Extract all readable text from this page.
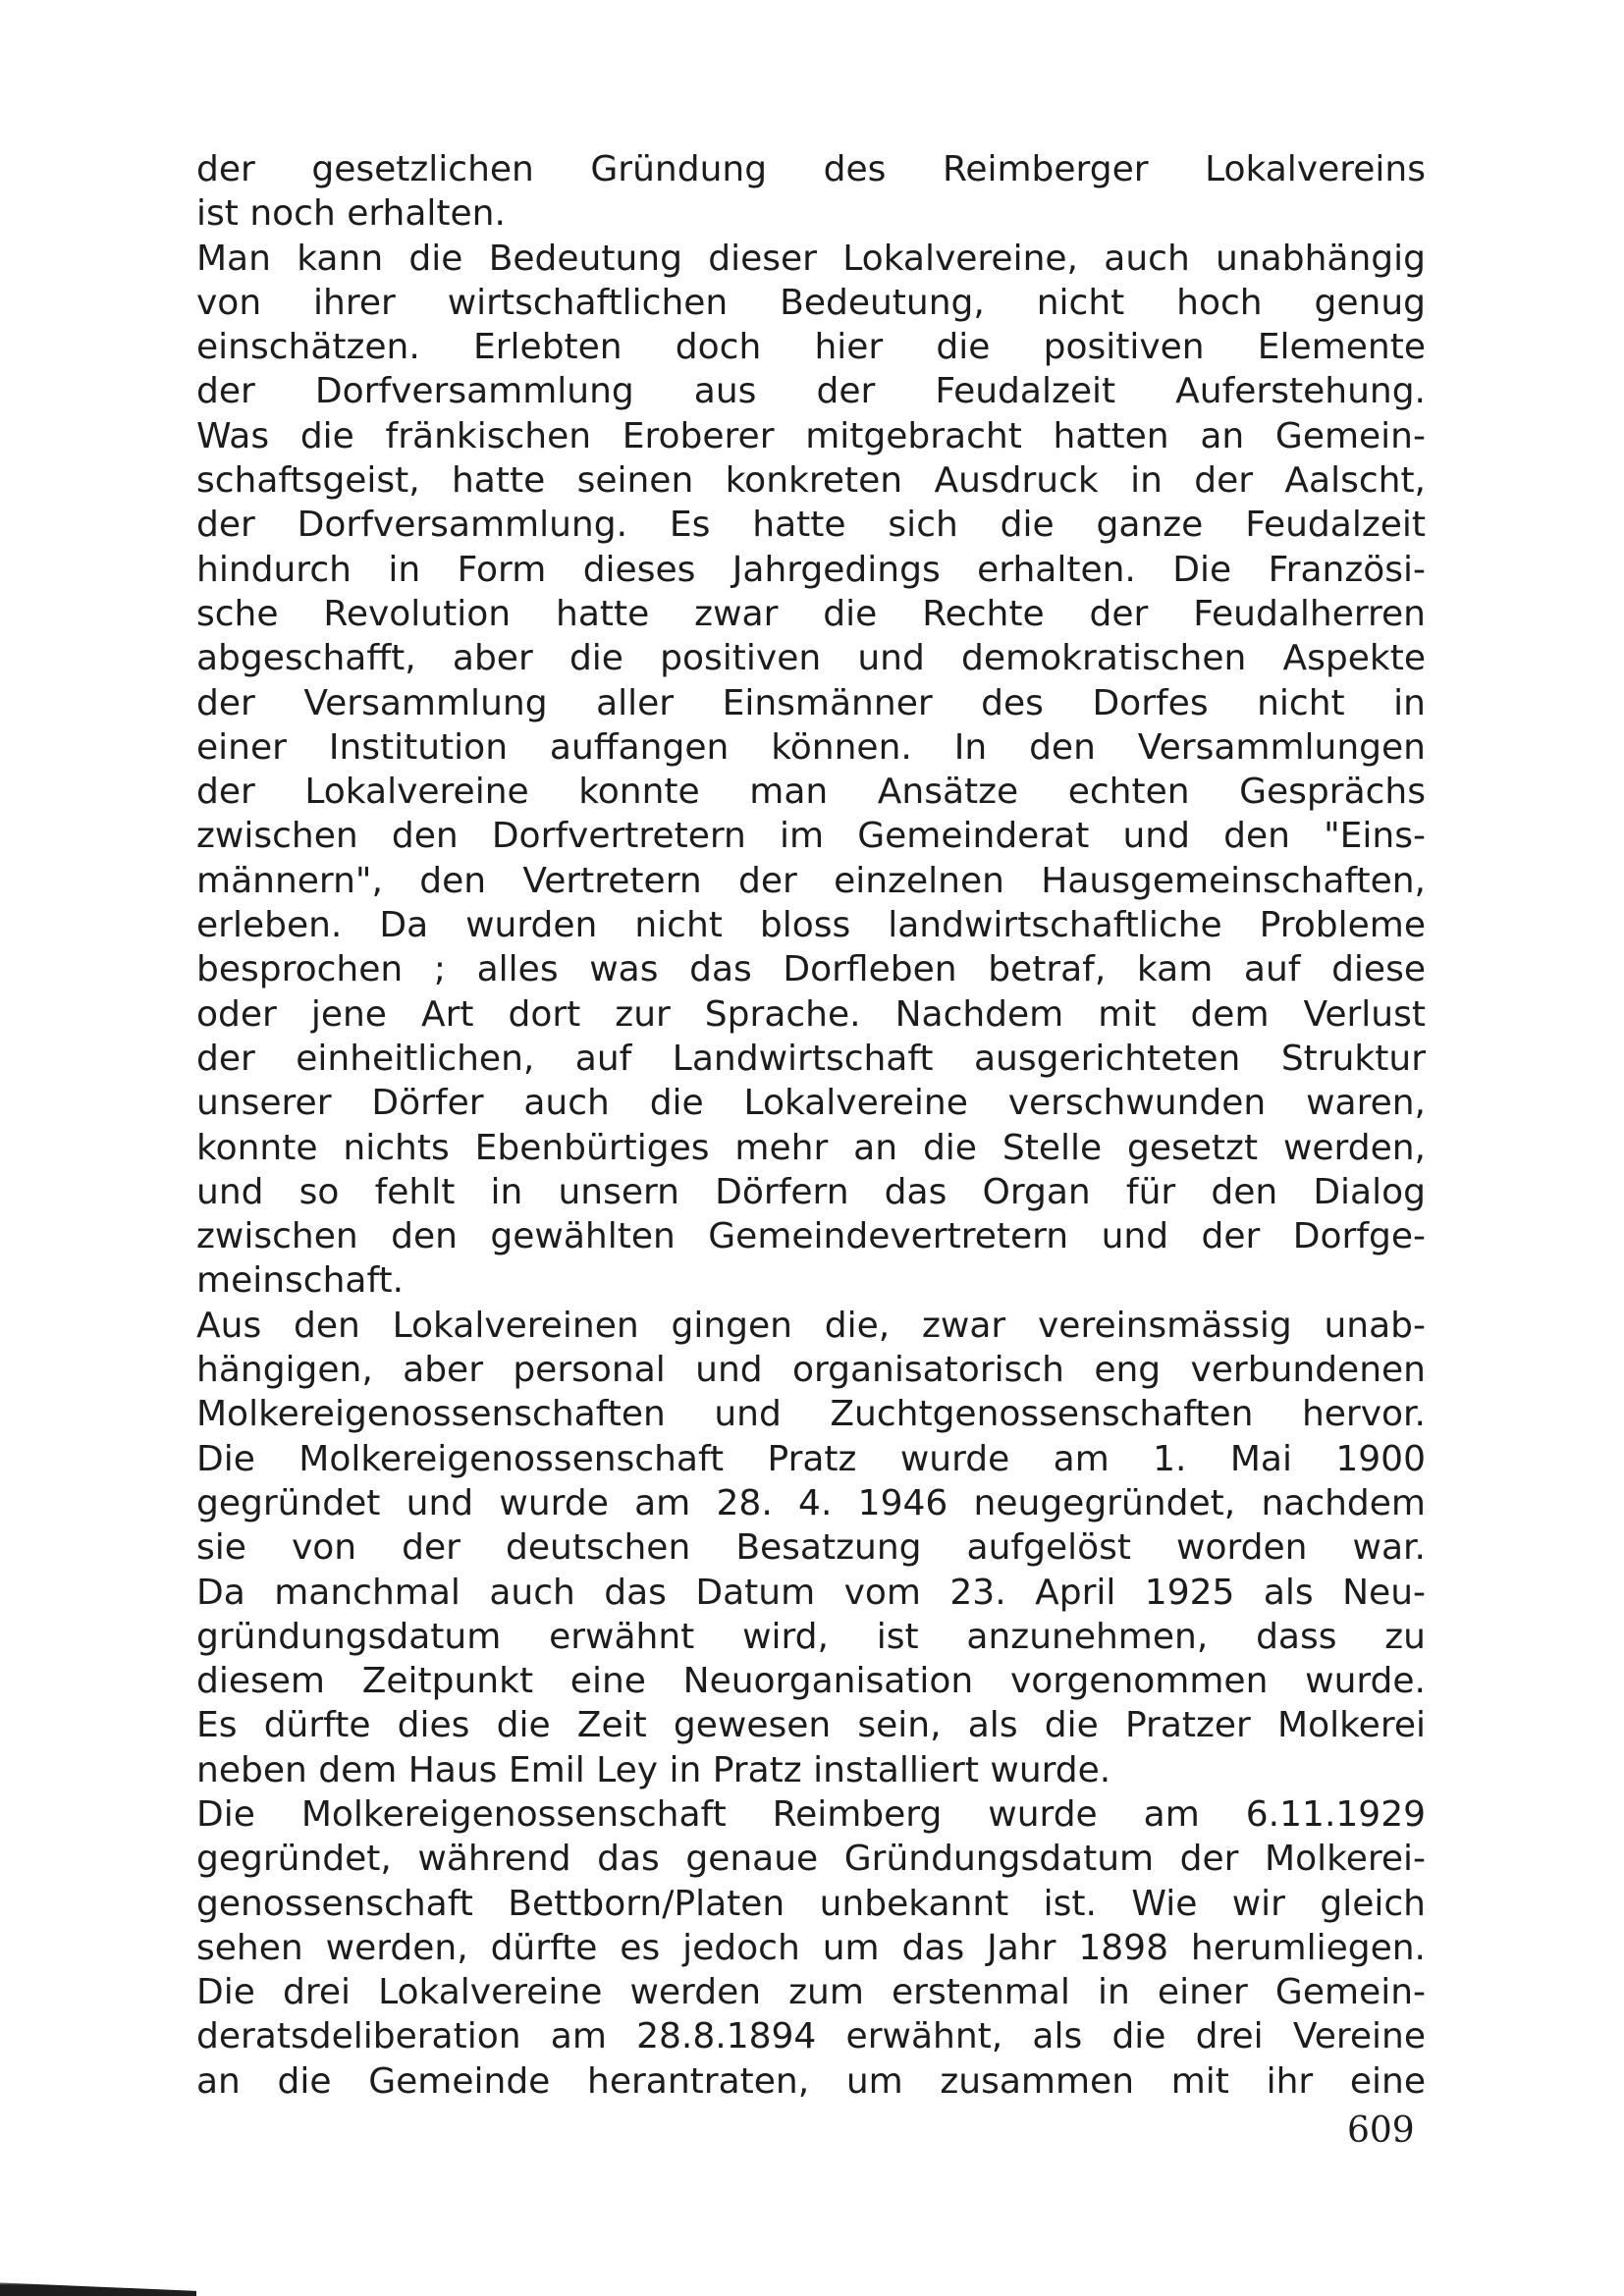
der gesetzlichen Gründung des Reimberger Lokalvereins
ist noch erhalten.
Man kann die Bedeutung dieser Lokalvereine, auch unabhängig
von ihrer wirtschaftlichen Bedeutung, nicht hoch genug
einschätzen. Erlebten doch hier die positiven Elemente
der Dorfversammlung aus der Feudalzeit Auferstehung.
Was die fränkischen Eroberer mitgebracht hatten an Gemein-
schaftsgeist, hatte seinen konkreten Ausdruck in der Aalscht,
der Dorfversammlung. Es hatte sich die ganze Feudalzeit
hindurch in Form dieses Jahrgedings erhalten. Die Französi-
sche Revolution hatte zwar die Rechte der Feudalherren
abgeschafft, aber die positiven und demokratischen Aspekte
der Versammlung aller Einsmänner des Dorfes nicht in
einer Institution auffangen können. In den Versammlungen
der Lokalvereine konnte man Ansätze echten Gesprächs
zwischen den Dorfvertretern im Gemeinderat und den "Eins-
männern", den Vertretern der einzelnen Hausgemeinschaften,
erleben. Da wurden nicht bloss landwirtschaftliche Probleme
besprochen ; alles was das Dorfleben betraf, kam auf diese
oder jene Art dort zur Sprache. Nachdem mit dem Verlust
der einheitlichen, auf Landwirtschaft ausgerichteten Struktur
unserer Dörfer auch die Lokalvereine verschwunden waren,
konnte nichts Ebenbürtiges mehr an die Stelle gesetzt werden,
und so fehlt in unsern Dörfern das Organ für den Dialog
zwischen den gewählten Gemeindevertretern und der Dorfge-
meinschaft.
Aus den Lokalvereinen gingen die, zwar vereinsmässig unab-
hängigen, aber personal und organisatorisch eng verbundenen
Molkereigenossenschaften und Zuchtgenossenschaften hervor.
Die Molkereigenossenschaft Pratz wurde am 1. Mai 1900
gegründet und wurde am 28. 4. 1946 neugegründet, nachdem
sie von der deutschen Besatzung aufgelöst worden war.
Da manchmal auch das Datum vom 23. April 1925 als Neu-
gründungsdatum erwähnt wird, ist anzunehmen, dass zu
diesem Zeitpunkt eine Neuorganisation vorgenommen wurde.
Es dürfte dies die Zeit gewesen sein, als die Pratzer Molkerei
neben dem Haus Emil Ley in Pratz installiert wurde.
Die Molkereigenossenschaft Reimberg wurde am 6.11.1929
gegründet, während das genaue Gründungsdatum der Molkerei-
genossenschaft Bettborn/Platen unbekannt ist. Wie wir gleich
sehen werden, dürfte es jedoch um das Jahr 1898 herumliegen.
Die drei Lokalvereine werden zum erstenmal in einer Gemein-
deratsdeliberation am 28.8.1894 erwähnt, als die drei Vereine
an die Gemeinde herantraten, um zusammen mit ihr eine
609
